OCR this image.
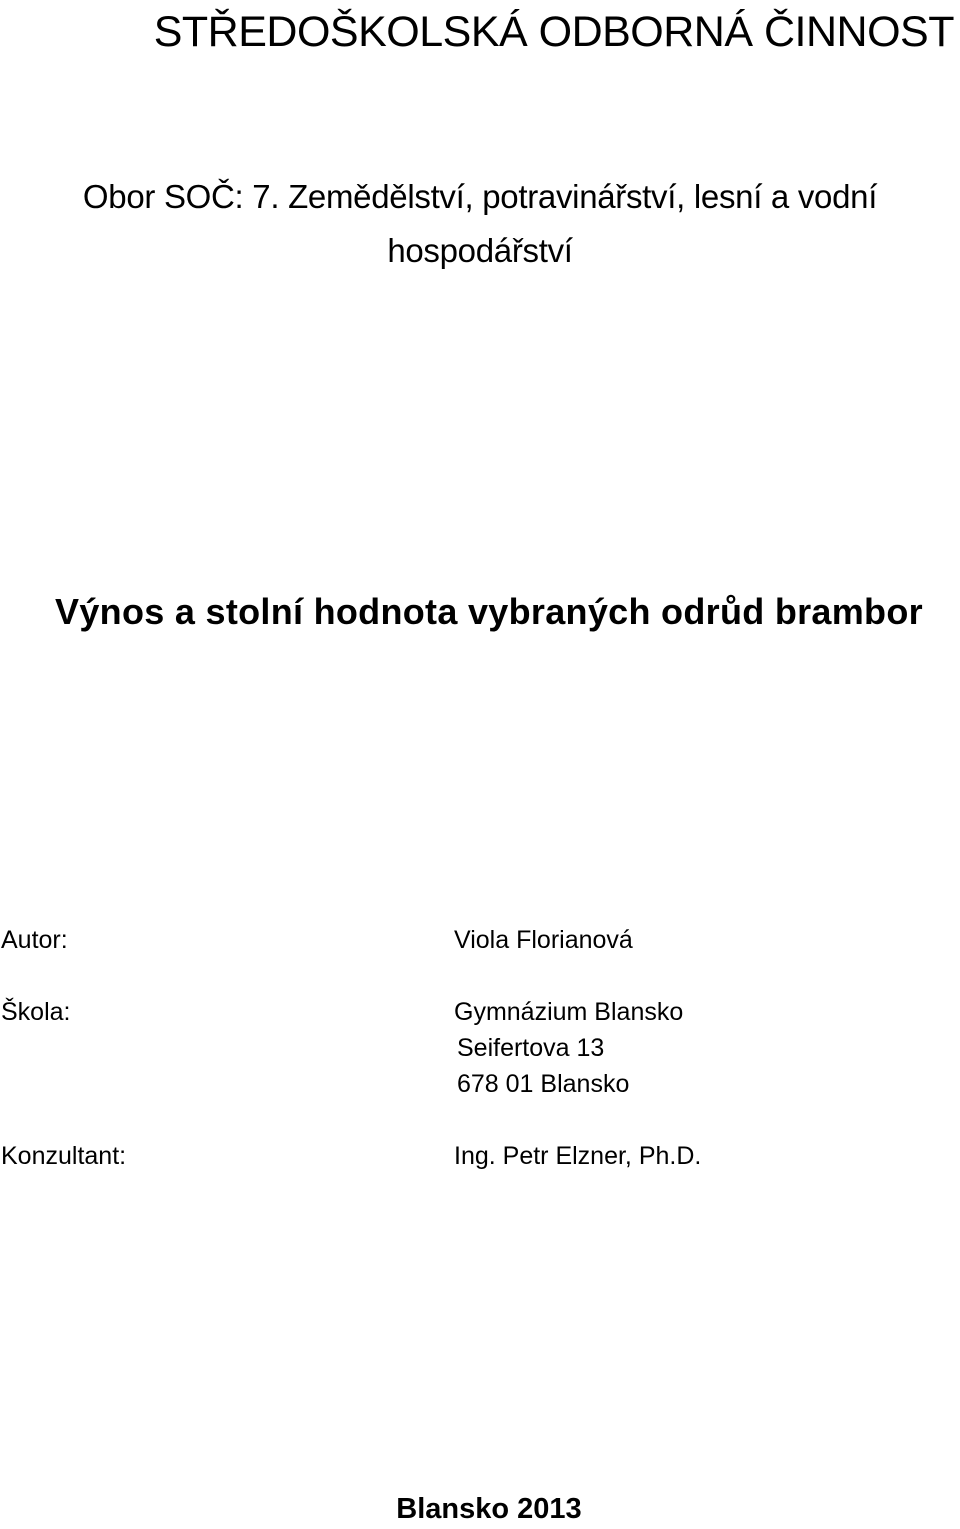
STŘEDOŠKOLSKÁ ODBORNÁ ČINNOST
Obor SOČ: 7. Zemědělství, potravinářství, lesní a vodní
hospodářství
Výnos a stolní hodnota vybraných odrůd brambor
Autor:	Viola Florianová
Škola:	Gymnázium Blansko
Seifertova 13
678 01 Blansko
Konzultant:	Ing. Petr Elzner, Ph.D.
Blansko 2013
